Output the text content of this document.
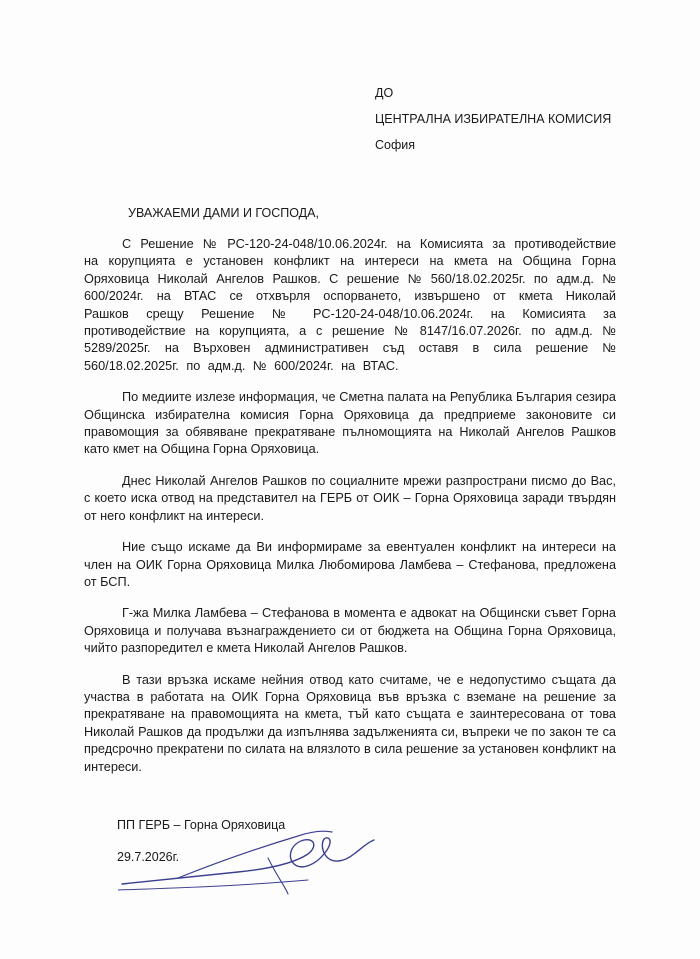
ДО
ЦЕНТРАЛНА ИЗБИРАТЕЛНА КОМИСИЯ
София
УВАЖАЕМИ ДАМИ И ГОСПОДА,

С Решение № РС-120-24-048/10.06.2024г. на Комисията за противодействие на корупцията е установен конфликт на интереси на кмета на Община Горна Оряховица Николай Ангелов Рашков. С решение № 560/18.02.2025г. по адм.д. № 600/2024г. на ВТАС се отхвърля оспорването, извършено от кмета Николай Рашков срещу Решение № РС-120-24-048/10.06.2024г. на Комисията за противодействие на корупцията, а с решение № 8147/16.07.2026г. по адм.д. № 5289/2025г. на Върховен административен съд оставя в сила решение № 560/18.02.2025г. по адм.д. № 600/2024г. на ВТАС.

По медиите излезе информация, че Сметна палата на Република България сезира Общинска избирателна комисия Горна Оряховица да предприеме законовите си правомощия за обявяване прекратяване пълномощията на Николай Ангелов Рашков като кмет на Община Горна Оряховица.

Днес Николай Ангелов Рашков по социалните мрежи разпространи писмо до Вас, с което иска отвод на представител на ГЕРБ от ОИК – Горна Оряховица заради твърдян от него конфликт на интереси.

Ние също искаме да Ви информираме за евентуален конфликт на интереси на член на ОИК Горна Оряховица Милка Любомирова Ламбева – Стефанова, предложена от БСП.

Г-жа Милка Ламбева – Стефанова в момента е адвокат на Общински съвет Горна Оряховица и получава възнаграждението си от бюджета на Община Горна Оряховица, чийто разпоредител е кмета Николай Ангелов Рашков.

В тази връзка искаме нейния отвод като считаме, че е недопустимо същата да участва в работата на ОИК Горна Оряховица във връзка с вземане на решение за прекратяване на правомощията на кмета, тъй като същата е заинтересована от това Николай Рашков да продължи да изпълнява задълженията си, въпреки че по закон те са предсрочно прекратени по силата на влязлото в сила решение за установен конфликт на интереси.

ПП ГЕРБ – Горна Оряховица
29.7.2026г.
